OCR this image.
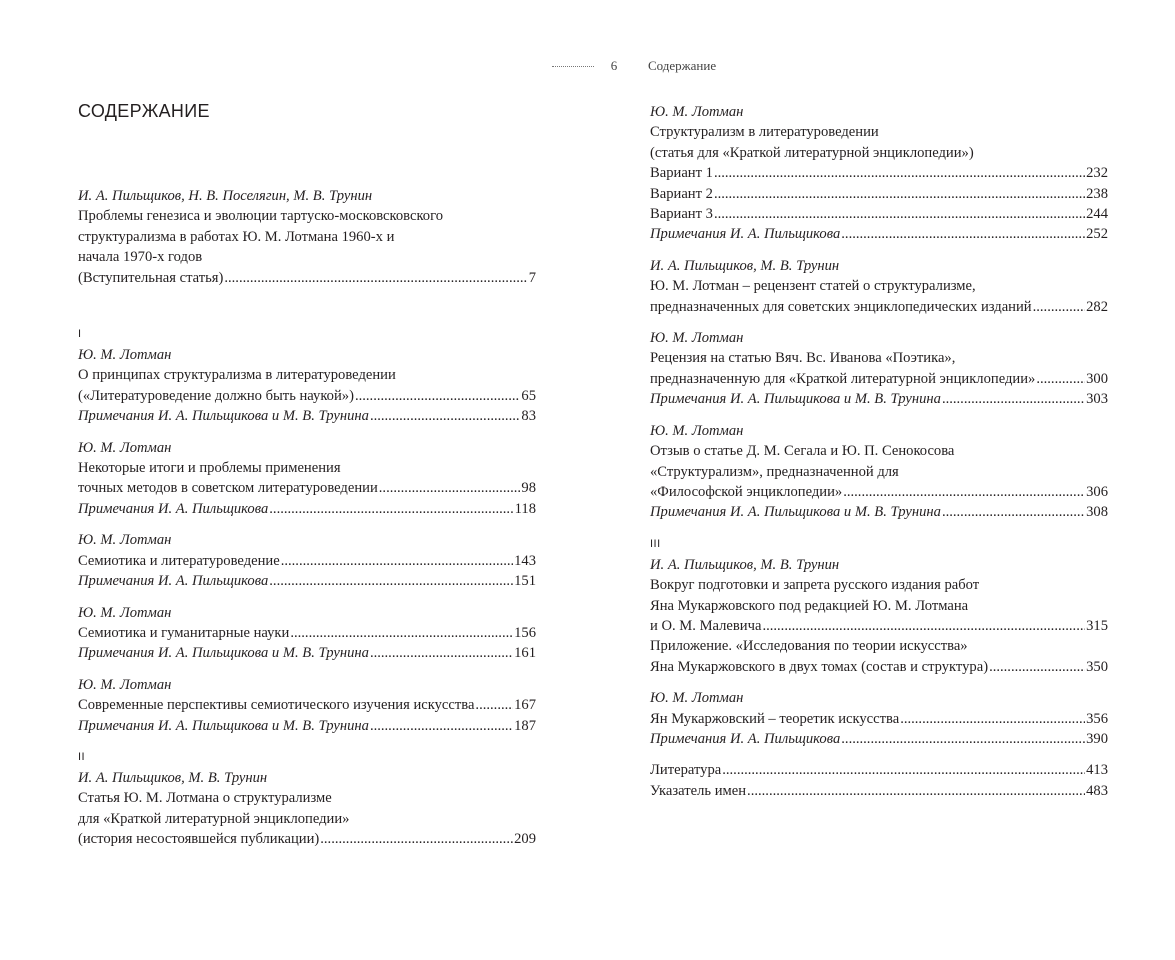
6	Содержание
СОДЕРЖАНИЕ
И. А. Пильщиков, Н. В. Поселягин, М. В. Трунин
Проблемы генезиса и эволюции тартуско-московсковского
структурализма в работах Ю. М. Лотмана 1960-х и
начала 1970-х годов
(Вступительная статья) .....	7
I
Ю. М. Лотман
О принципах структурализма в литературоведении
(«Литературоведение должно быть наукой») .....	65
Примечания И. А. Пильщикова и М. В. Трунина .....	83
Ю. М. Лотман
Некоторые итоги и проблемы применения
точных методов в советском литературоведении .....	98
Примечания И. А. Пильщикова .....	118
Ю. М. Лотман
Семиотика и литературоведение .....	143
Примечания И. А. Пильщикова .....	151
Ю. М. Лотман
Семиотика и гуманитарные науки .....	156
Примечания И. А. Пильщикова и М. В. Трунина .....	161
Ю. М. Лотман
Современные перспективы семиотического изучения искусства .....	167
Примечания И. А. Пильщикова и М. В. Трунина .....	187
II
И. А. Пильщиков, М. В. Трунин
Статья Ю. М. Лотмана о структурализме
для «Краткой литературной энциклопедии»
(история несостоявшейся публикации) .....	209
Ю. М. Лотман
Структурализм в литературоведении
(статья для «Краткой литературной энциклопедии»)
Вариант 1 .....	232
Вариант 2 .....	238
Вариант 3 .....	244
Примечания И. А. Пильщикова .....	252
И. А. Пильщиков, М. В. Трунин
Ю. М. Лотман – рецензент статей о структурализме,
предназначенных для советских энциклопедических изданий .....	282
Ю. М. Лотман
Рецензия на статью Вяч. Вс. Иванова «Поэтика»,
предназначенную для «Краткой литературной энциклопедии» .....	300
Примечания И. А. Пильщикова и М. В. Трунина .....	303
Ю. М. Лотман
Отзыв о статье Д. М. Сегала и Ю. П. Сенокосова
«Структурализм», предназначенной для
«Философской энциклопедии» .....	306
Примечания И. А. Пильщикова и М. В. Трунина .....	308
III
И. А. Пильщиков, М. В. Трунин
Вокруг подготовки и запрета русского издания работ
Яна Мукаржовского под редакцией Ю. М. Лотмана
и О. М. Малевича .....	315
Приложение. «Исследования по теории искусства»
Яна Мукаржовского в двух томах (состав и структура) .....	350
Ю. М. Лотман
Ян Мукаржовский – теоретик искусства .....	356
Примечания И. А. Пильщикова .....	390
Литература .....	413
Указатель имен .....	483
